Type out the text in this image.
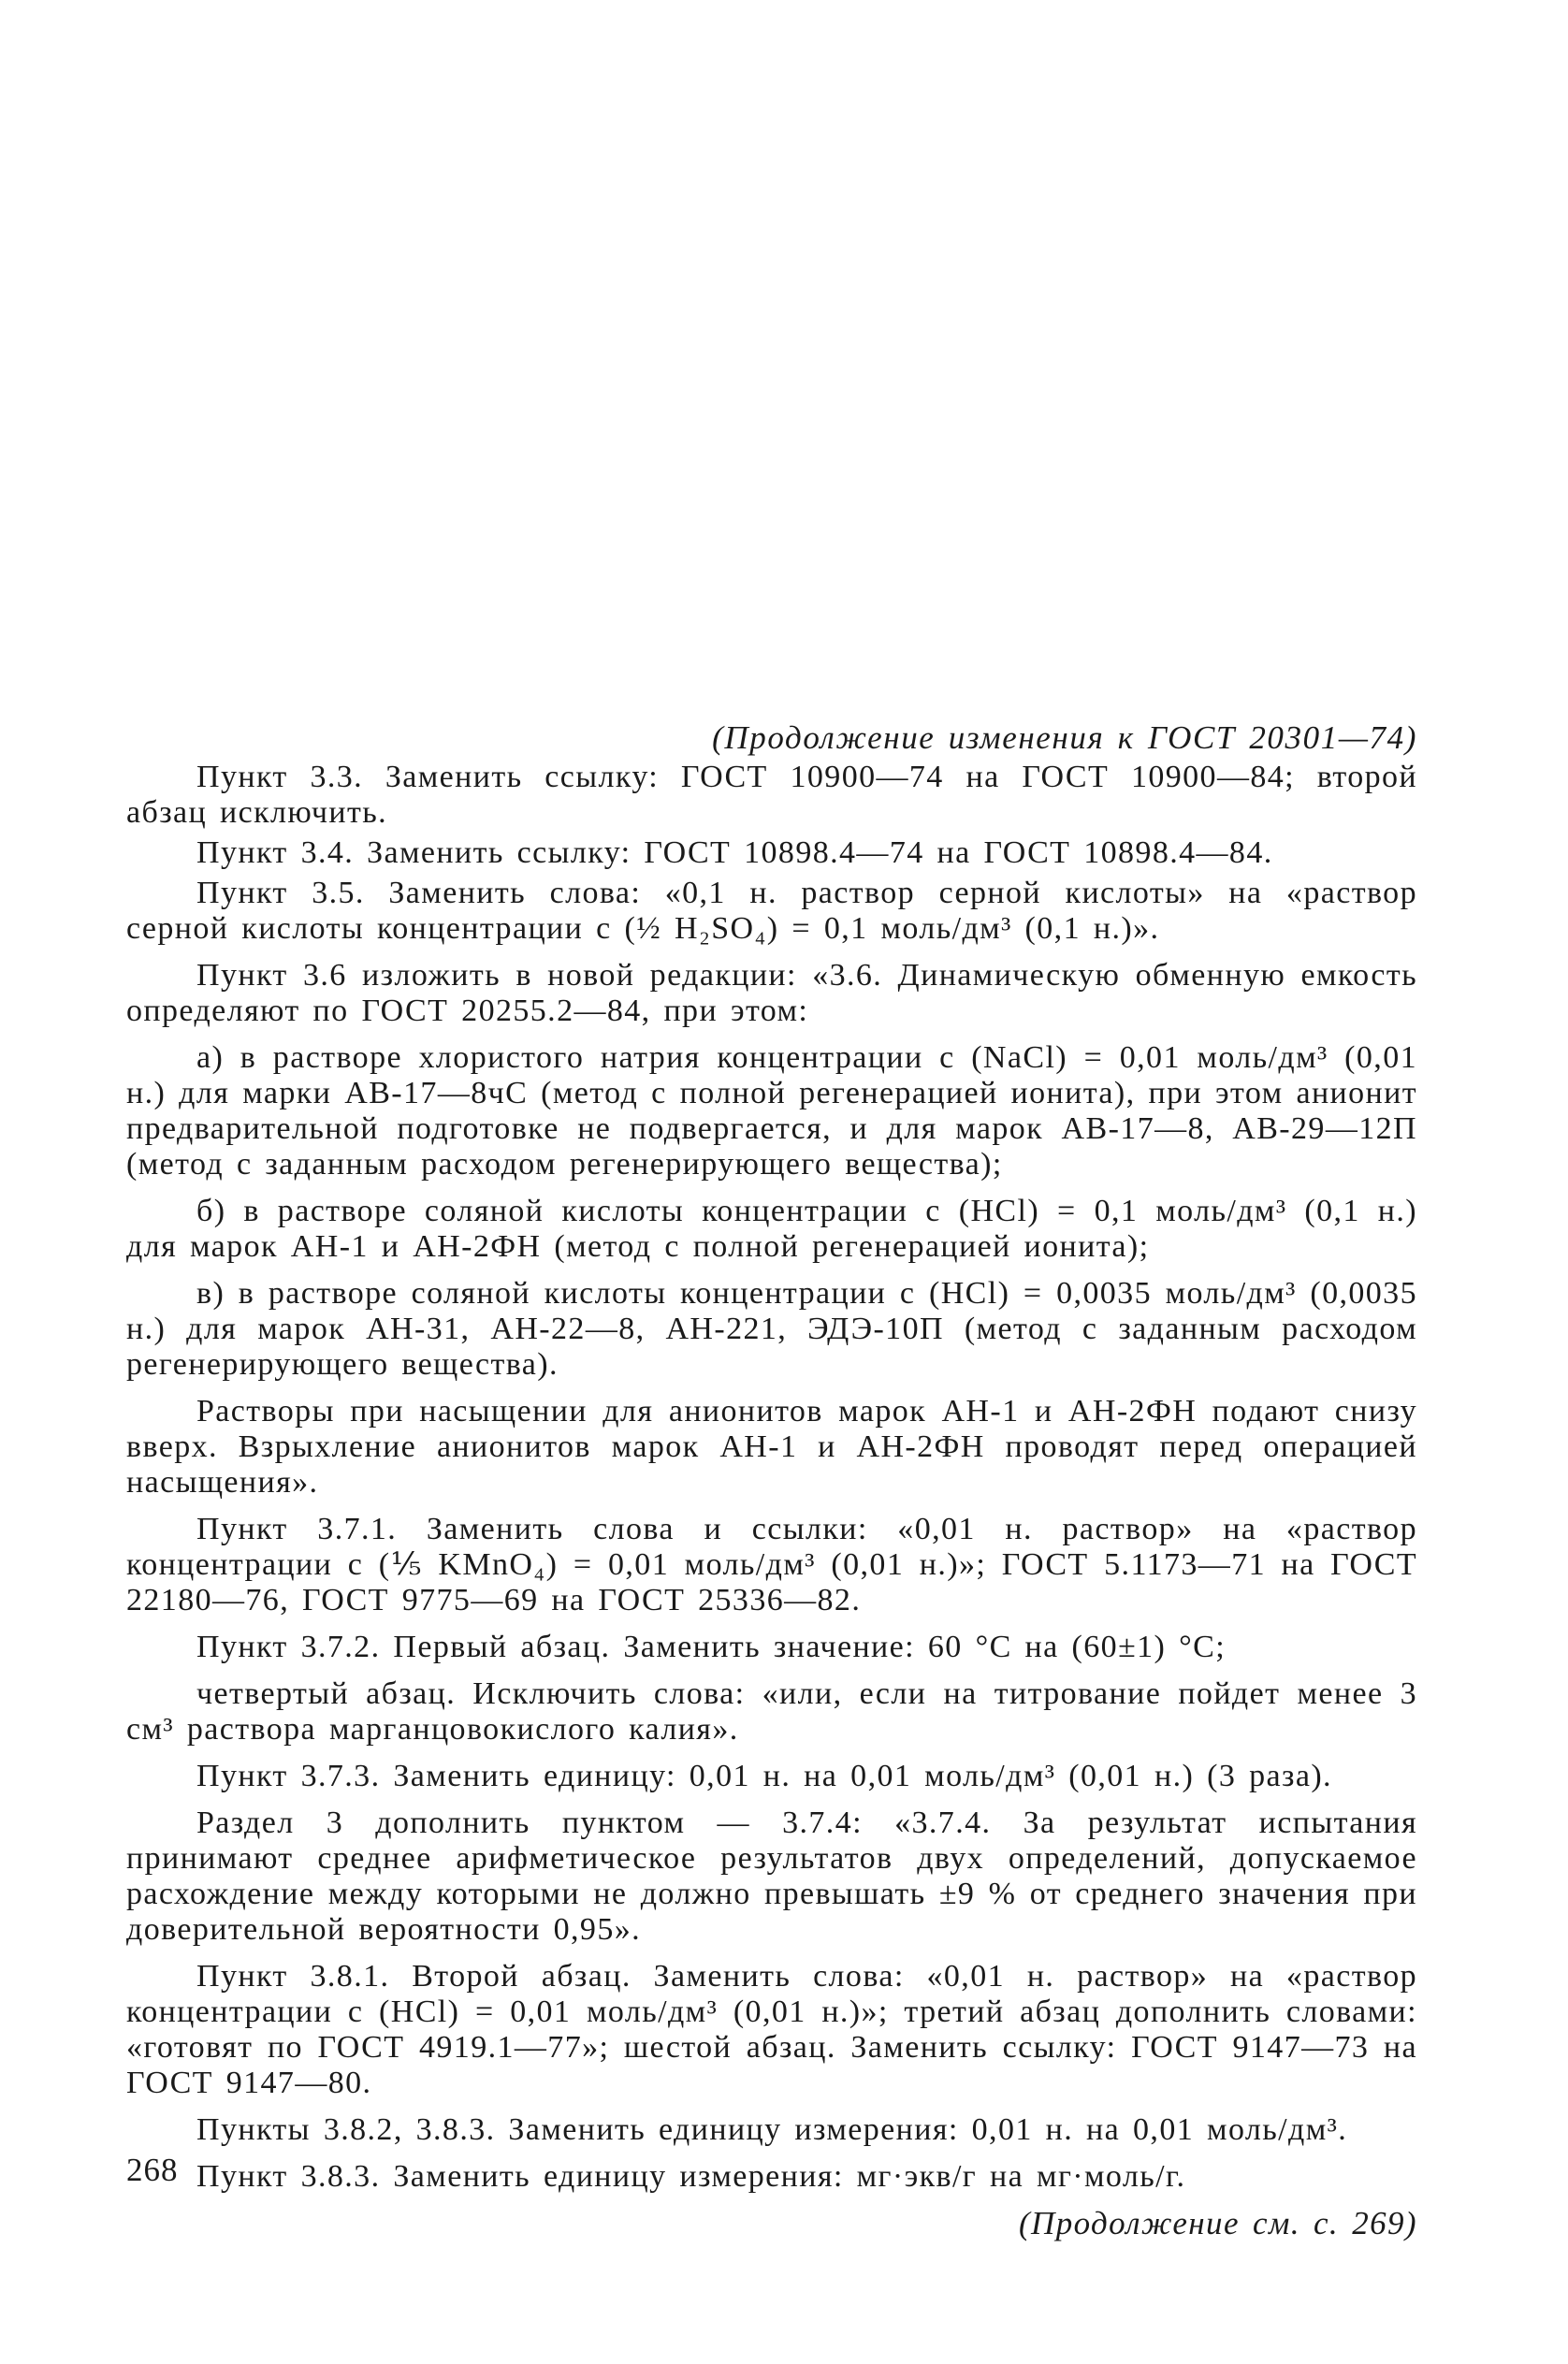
(Продолжение изменения к ГОСТ 20301—74)

Пункт 3.3. Заменить ссылку: ГОСТ 10900—74 на ГОСТ 10900—84; второй абзац исключить.

Пункт 3.4. Заменить ссылку: ГОСТ 10898.4—74 на ГОСТ 10898.4—84.

Пункт 3.5. Заменить слова: «0,1 н. раствор серной кислоты» на «раствор серной кислоты концентрации с (½ H₂SO₄) = 0,1 моль/дм³ (0,1 н.)».

Пункт 3.6 изложить в новой редакции: «3.6. Динамическую обменную емкость определяют по ГОСТ 20255.2—84, при этом:

а) в растворе хлористого натрия концентрации с (NaCl) = 0,01 моль/дм³ (0,01 н.) для марки АВ-17—8чС (метод с полной регенерацией ионита), при этом анионит предварительной подготовке не подвергается, и для марок АВ-17—8, АВ-29—12П (метод с заданным расходом регенерирующего вещества);

б) в растворе соляной кислоты концентрации с (HCl) = 0,1 моль/дм³ (0,1 н.) для марок АН-1 и АН-2ФН (метод с полной регенерацией ионита);

в) в растворе соляной кислоты концентрации с (HCl) = 0,0035 моль/дм³ (0,0035 н.) для марок АН-31, АН-22—8, АН-221, ЭДЭ-10П (метод с заданным расходом регенерирующего вещества).

Растворы при насыщении для анионитов марок АН-1 и АН-2ФН подают снизу вверх. Взрыхление анионитов марок АН-1 и АН-2ФН проводят перед операцией насыщения».

Пункт 3.7.1. Заменить слова и ссылки: «0,01 н. раствор» на «раствор концентрации с (⅕ KMnO₄) = 0,01 моль/дм³ (0,01 н.)»; ГОСТ 5.1173—71 на ГОСТ 22180—76, ГОСТ 9775—69 на ГОСТ 25336—82.

Пункт 3.7.2. Первый абзац. Заменить значение: 60 °С на (60±1) °С;

четвертый абзац. Исключить слова: «или, если на титрование пойдет менее 3 см³ раствора марганцовокислого калия».

Пункт 3.7.3. Заменить единицу: 0,01 н. на 0,01 моль/дм³ (0,01 н.) (3 раза).

Раздел 3 дополнить пунктом — 3.7.4: «3.7.4. За результат испытания принимают среднее арифметическое результатов двух определений, допускаемое расхождение между которыми не должно превышать ±9 % от среднего значения при доверительной вероятности 0,95».

Пункт 3.8.1. Второй абзац. Заменить слова: «0,01 н. раствор» на «раствор концентрации с (HCl) = 0,01 моль/дм³ (0,01 н.)»; третий абзац дополнить словами: «готовят по ГОСТ 4919.1—77»; шестой абзац. Заменить ссылку: ГОСТ 9147—73 на ГОСТ 9147—80.

Пункты 3.8.2, 3.8.3. Заменить единицу измерения: 0,01 н. на 0,01 моль/дм³.

Пункт 3.8.3. Заменить единицу измерения: мг·экв/г на мг·моль/г.

(Продолжение см. с. 269)

268
